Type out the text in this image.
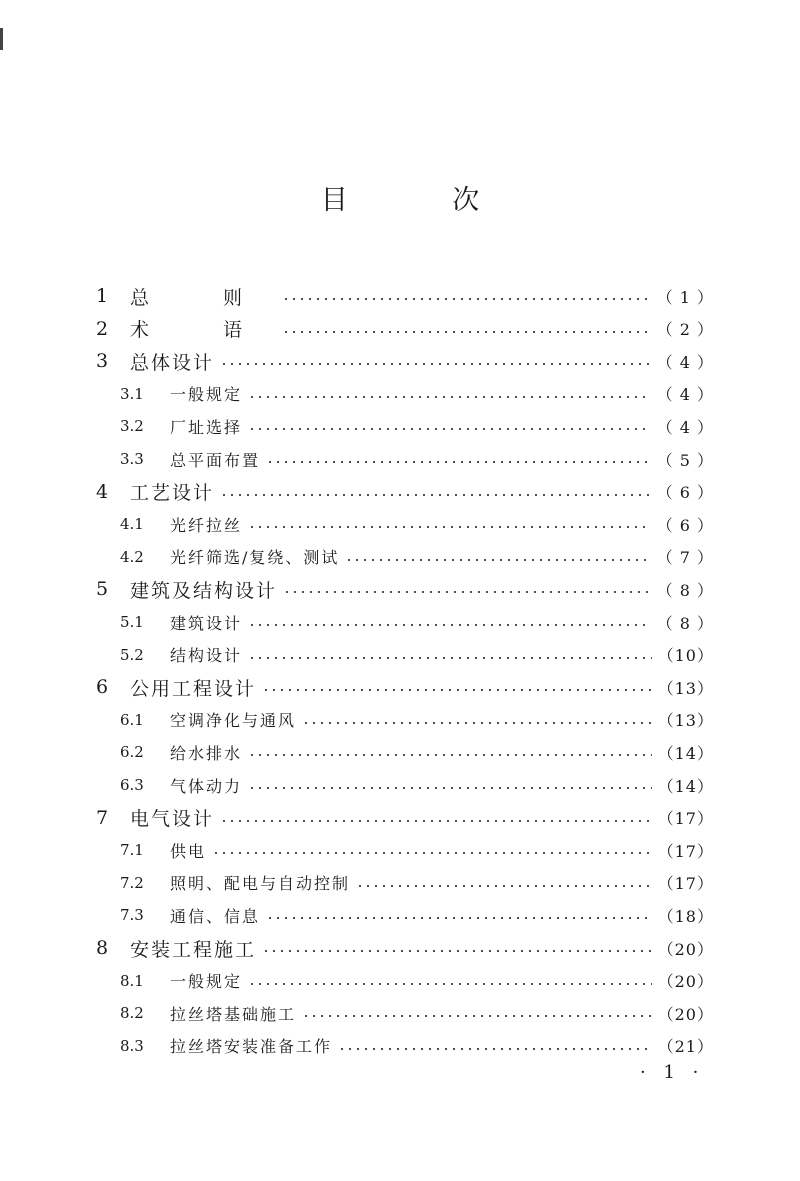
目 次
1	总 则	（ 1 ）
2	术 语	（ 2 ）
3	总体设计	（ 4 ）
3.1	一般规定	（ 4 ）
3.2	厂址选择	（ 4 ）
3.3	总平面布置	（ 5 ）
4	工艺设计	（ 6 ）
4.1	光纤拉丝	（ 6 ）
4.2	光纤筛选/复绕、测试	（ 7 ）
5	建筑及结构设计	（ 8 ）
5.1	建筑设计	（ 8 ）
5.2	结构设计	（10）
6	公用工程设计	（13）
6.1	空调净化与通风	（13）
6.2	给水排水	（14）
6.3	气体动力	（14）
7	电气设计	（17）
7.1	供电	（17）
7.2	照明、配电与自动控制	（17）
7.3	通信、信息	（18）
8	安装工程施工	（20）
8.1	一般规定	（20）
8.2	拉丝塔基础施工	（20）
8.3	拉丝塔安装准备工作	（21）
· 1 ·
